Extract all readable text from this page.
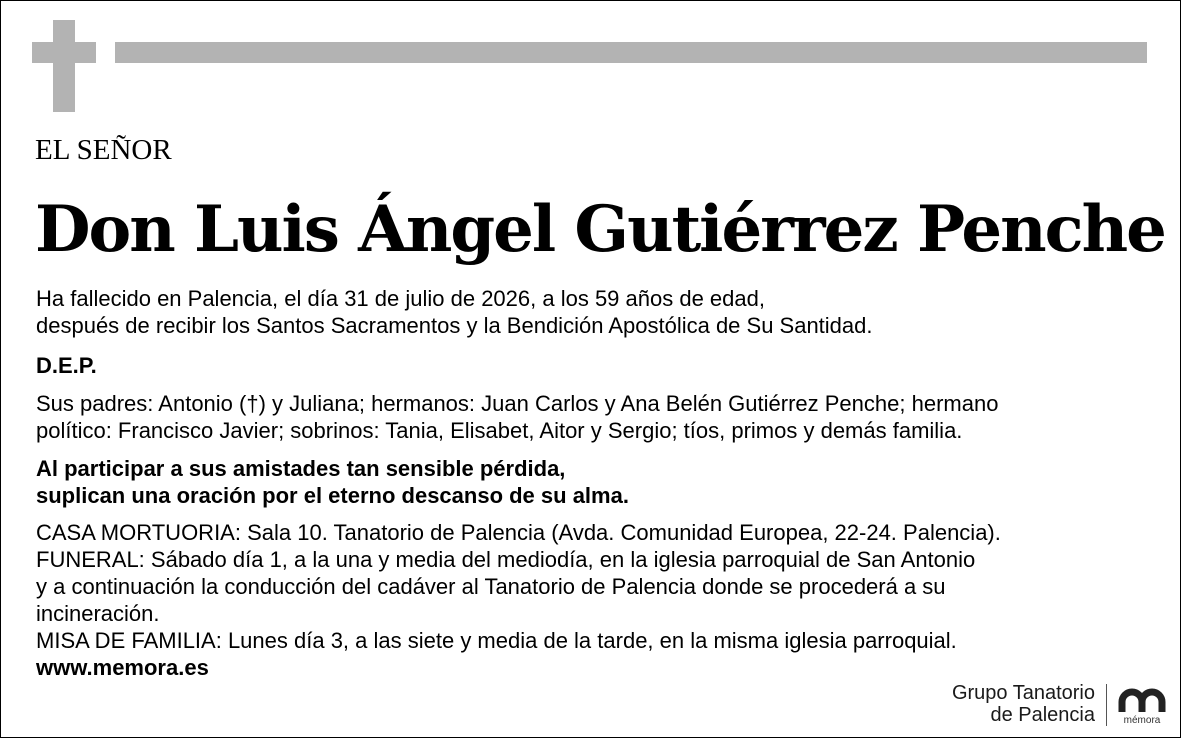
EL SEÑOR
Don Luis Ángel Gutiérrez Penche
Ha fallecido en Palencia, el día 31 de julio de 2026, a los 59 años de edad,
después de recibir los Santos Sacramentos y la Bendición Apostólica de Su Santidad.
D.E.P.
Sus padres: Antonio (†) y Juliana; hermanos: Juan Carlos y Ana Belén Gutiérrez Penche; hermano
político: Francisco Javier; sobrinos: Tania, Elisabet, Aitor y Sergio; tíos, primos y demás familia.
Al participar a sus amistades tan sensible pérdida,
suplican una oración por el eterno descanso de su alma.
CASA MORTUORIA: Sala 10. Tanatorio de Palencia (Avda. Comunidad Europea, 22-24. Palencia).
FUNERAL: Sábado día 1, a la una y media del mediodía, en la iglesia parroquial de San Antonio
y a continuación la conducción del cadáver al Tanatorio de Palencia donde se procederá a su
incineración.
MISA DE FAMILIA: Lunes día 3, a las siete y media de la tarde, en la misma iglesia parroquial.
www.memora.es
Grupo Tanatorio
de Palencia	mémora
